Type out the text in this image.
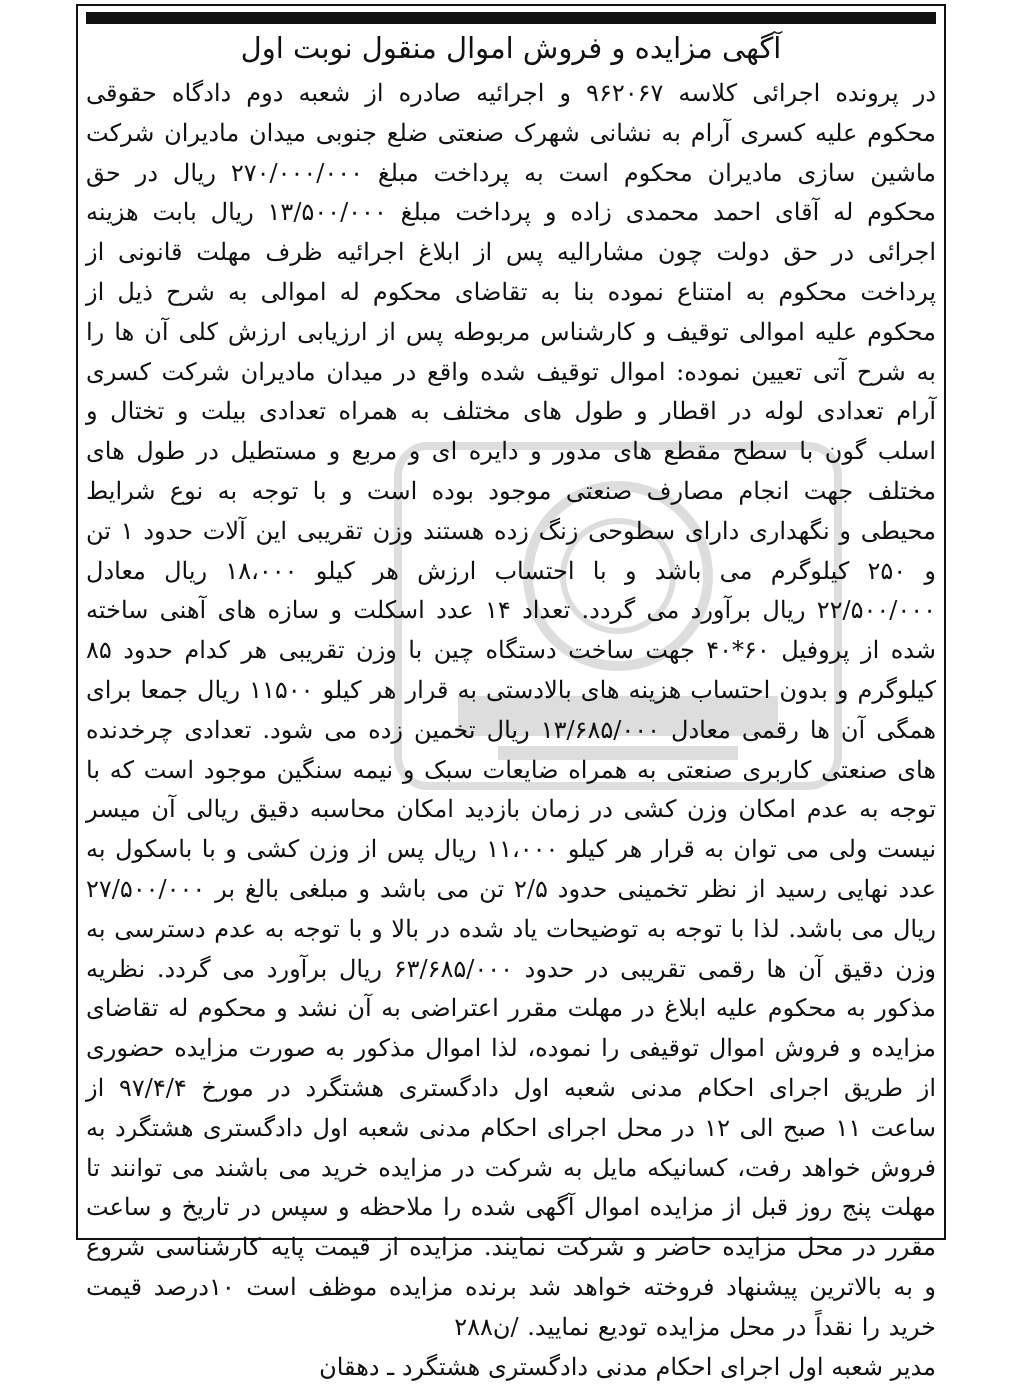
آگهی مزایده و فروش اموال منقول نوبت اول

در پرونده اجرائی کلاسه ۹۶۲۰۶۷ و اجرائیه صادره از شعبه دوم دادگاه حقوقی محکوم علیه کسری آرام به نشانی شهرک صنعتی ضلع جنوبی میدان مادیران شرکت ماشین سازی مادیران محکوم است به پرداخت مبلغ ۲۷۰/۰۰۰/۰۰۰ ریال در حق محکوم له آقای احمد محمدی زاده و پرداخت مبلغ ۱۳/۵۰۰/۰۰۰ ریال بابت هزینه اجرائی در حق دولت چون مشارالیه پس از ابلاغ اجرائیه ظرف مهلت قانونی از پرداخت محکوم به امتناع نموده بنا به تقاضای محکوم له اموالی به شرح ذیل از محکوم علیه اموالی توقیف و کارشناس مربوطه پس از ارزیابی ارزش کلی آن ها را به شرح آتی تعیین نموده: اموال توقیف شده واقع در میدان مادیران شرکت کسری آرام تعدادی لوله در اقطار و طول های مختلف به همراه تعدادی بیلت و تختال و اسلب گون با سطح مقطع های مدور و دایره ای و مربع و مستطیل در طول های مختلف جهت انجام مصارف صنعتی موجود بوده است و با توجه به نوع شرایط محیطی و نگهداری دارای سطوحی زنگ زده هستند وزن تقریبی این آلات حدود ۱ تن و ۲۵۰ کیلوگرم می باشد و با احتساب ارزش هر کیلو ۱۸،۰۰۰ ریال معادل ۲۲/۵۰۰/۰۰۰ ریال برآورد می گردد. تعداد ۱۴ عدد اسکلت و سازه های آهنی ساخته شده از پروفیل ۶۰*۴۰ جهت ساخت دستگاه چین با وزن تقریبی هر کدام حدود ۸۵ کیلوگرم و بدون احتساب هزینه های بالادستی به قرار هر کیلو ۱۱۵۰۰ ریال جمعا برای همگی آن ها رقمی معادل ۱۳/۶۸۵/۰۰۰ ریال تخمین زده می شود. تعدادی چرخدنده های صنعتی کاربری صنعتی به همراه ضایعات سبک و نیمه سنگین موجود است که با توجه به عدم امکان وزن کشی در زمان بازدید امکان محاسبه دقیق ریالی آن میسر نیست ولی می توان به قرار هر کیلو ۱۱،۰۰۰ ریال پس از وزن کشی و با باسکول به عدد نهایی رسید از نظر تخمینی حدود ۲/۵ تن می باشد و مبلغی بالغ بر ۲۷/۵۰۰/۰۰۰ ریال می باشد. لذا با توجه به توضیحات یاد شده در بالا و با توجه به عدم دسترسی به وزن دقیق آن ها رقمی تقریبی در حدود ۶۳/۶۸۵/۰۰۰ ریال برآورد می گردد. نظریه مذکور به محکوم علیه ابلاغ در مهلت مقرر اعتراضی به آن نشد و محکوم له تقاضای مزایده و فروش اموال توقیفی را نموده، لذا اموال مذکور به صورت مزایده حضوری از طریق اجرای احکام مدنی شعبه اول دادگستری هشتگرد در مورخ ۹۷/۴/۴ از ساعت ۱۱ صبح الی ۱۲ در محل اجرای احکام مدنی شعبه اول دادگستری هشتگرد به فروش خواهد رفت، کسانیکه مایل به شرکت در مزایده خرید می باشند می توانند تا مهلت پنج روز قبل از مزایده اموال آگهی شده را ملاحظه و سپس در تاریخ و ساعت مقرر در محل مزایده حاضر و شرکت نمایند. مزایده از قیمت پایه کارشناسی شروع و به بالاترین پیشنهاد فروخته خواهد شد برنده مزایده موظف است ۱۰درصد قیمت خرید را نقداً در محل مزایده تودیع نمایید. /ن۲۸۸

مدیر شعبه اول اجرای احکام مدنی دادگستری هشتگرد ـ دهقان
